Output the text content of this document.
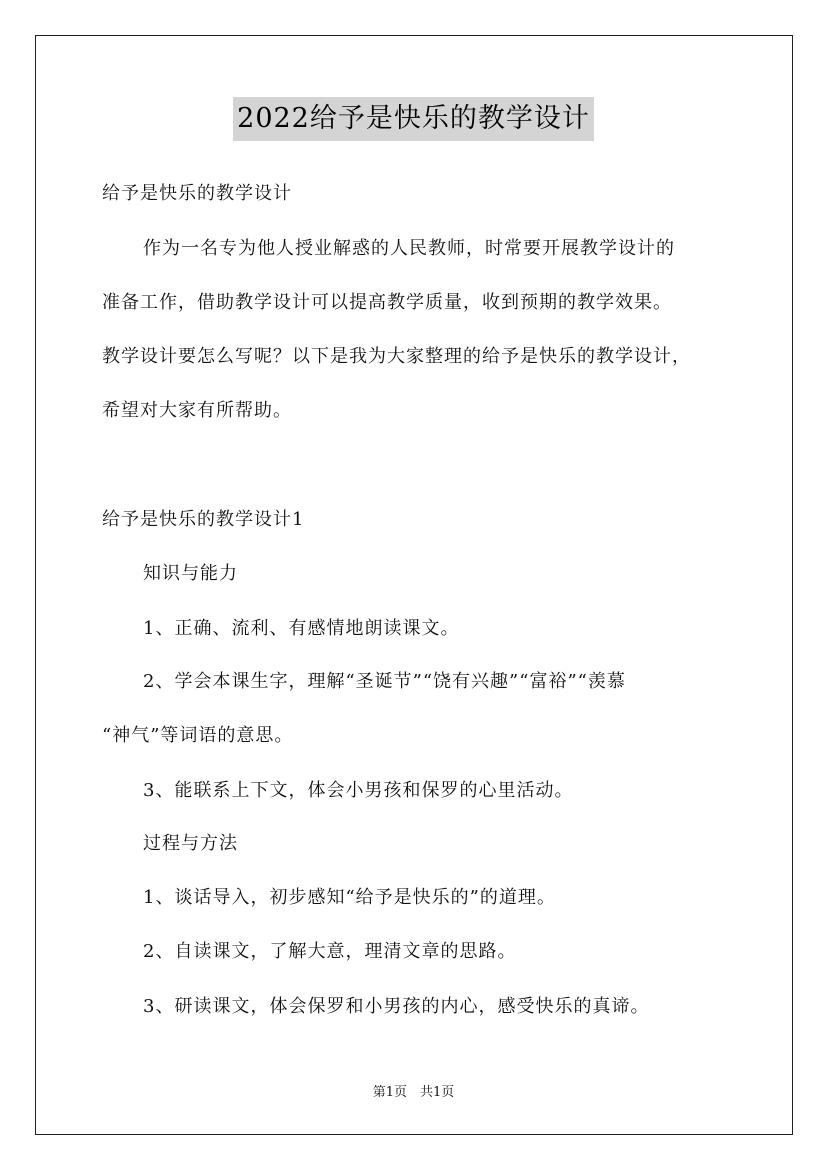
2022给予是快乐的教学设计
给予是快乐的教学设计
作为一名专为他人授业解惑的人民教师，时常要开展教学设计的
准备工作，借助教学设计可以提高教学质量，收到预期的教学效果。
教学设计要怎么写呢？以下是我为大家整理的给予是快乐的教学设计，
希望对大家有所帮助。
给予是快乐的教学设计1
知识与能力
1、正确、流利、有感情地朗读课文。
2、学会本课生字，理解“圣诞节”“饶有兴趣”“富裕”“羡慕
“神气”等词语的意思。
3、能联系上下文，体会小男孩和保罗的心里活动。
过程与方法
1、谈话导入，初步感知“给予是快乐的”的道理。
2、自读课文，了解大意，理清文章的思路。
3、研读课文，体会保罗和小男孩的内心，感受快乐的真谛。
第1页　共1页
